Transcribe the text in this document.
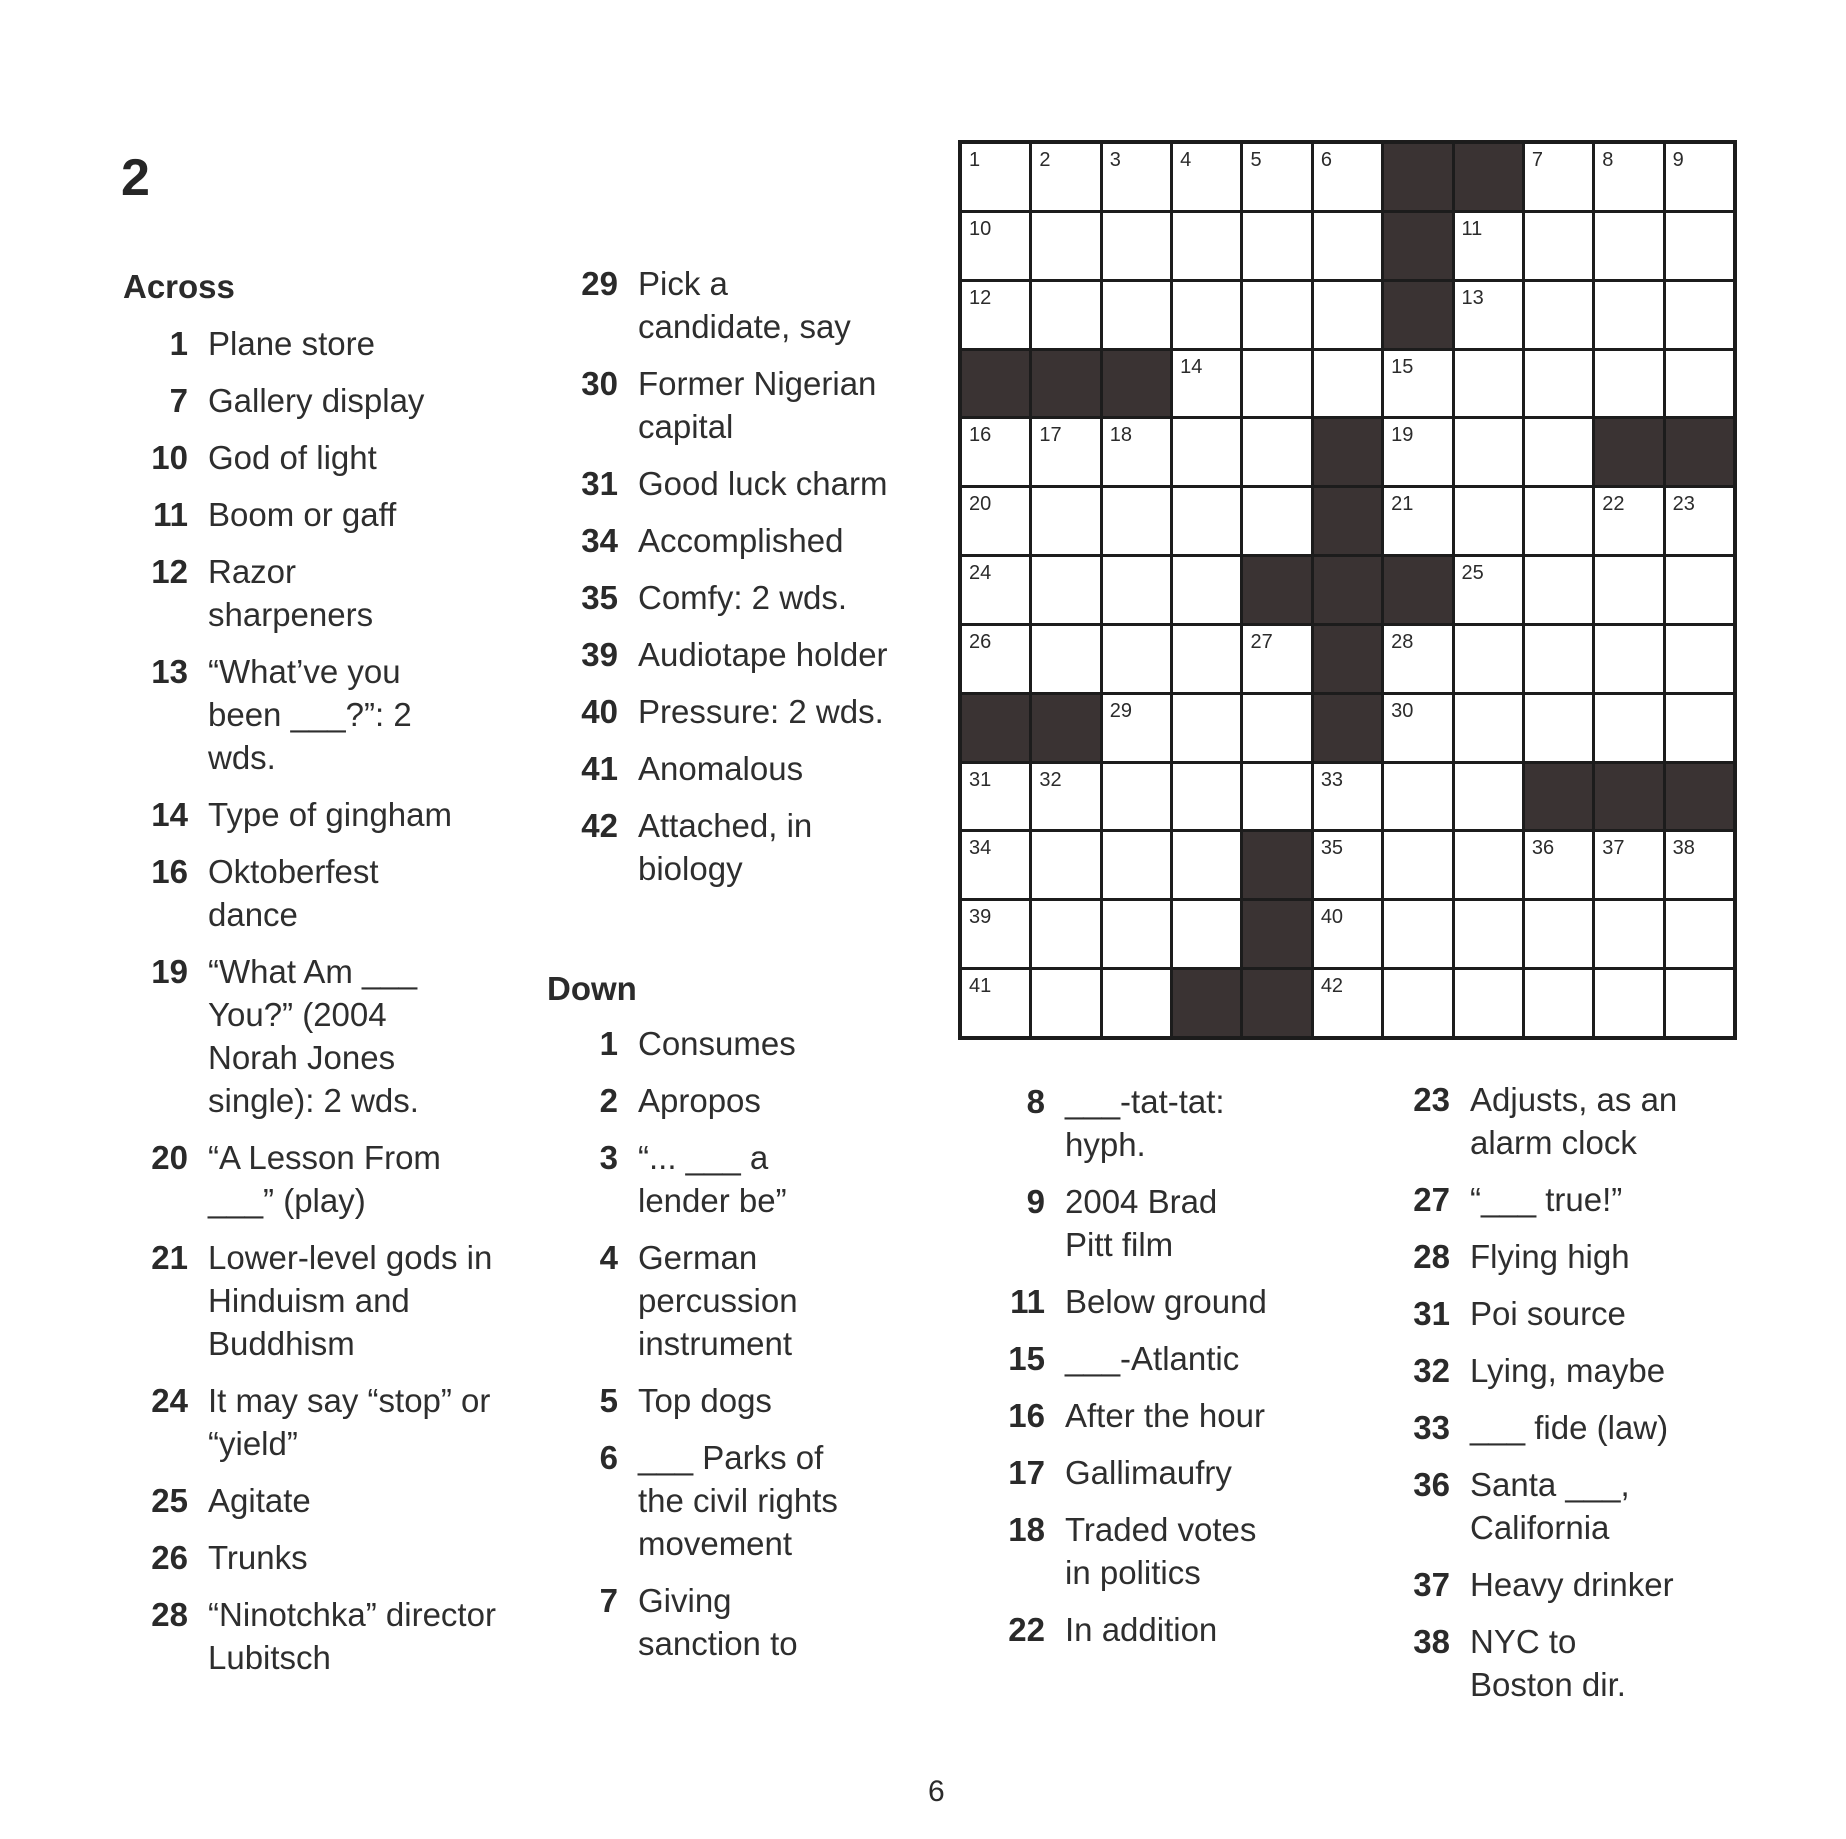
2
Across
1 Plane store
7 Gallery display
10 God of light
11 Boom or gaff
12 Razor sharpeners
13 “What’ve you been ___?”: 2 wds.
14 Type of gingham
16 Oktoberfest dance
19 “What Am ___ You?” (2004 Norah Jones single): 2 wds.
20 “A Lesson From ___” (play)
21 Lower-level gods in Hinduism and Buddhism
24 It may say “stop” or “yield”
25 Agitate
26 Trunks
28 “Ninotchka” director Lubitsch
29 Pick a candidate, say
30 Former Nigerian capital
31 Good luck charm
34 Accomplished
35 Comfy: 2 wds.
39 Audiotape holder
40 Pressure: 2 wds.
41 Anomalous
42 Attached, in biology
Down
1 Consumes
2 Apropos
3 “... ___ a lender be”
4 German percussion instrument
5 Top dogs
6 ___ Parks of the civil rights movement
7 Giving sanction to
8 ___-tat-tat: hyph.
9 2004 Brad Pitt film
11 Below ground
15 ___-Atlantic
16 After the hour
17 Gallimaufry
18 Traded votes in politics
22 In addition
23 Adjusts, as an alarm clock
27 “___ true!”
28 Flying high
31 Poi source
32 Lying, maybe
33 ___ fide (law)
36 Santa ___, California
37 Heavy drinker
38 NYC to Boston dir.
1	2	3	4	5	6	7	8	9
10	11
12	13
14	15
16 17 18	19
20	21	22 23
24	25
26	27	28
29	30
31 32	33
34	35	36 37 38
39	40
41	42
6
